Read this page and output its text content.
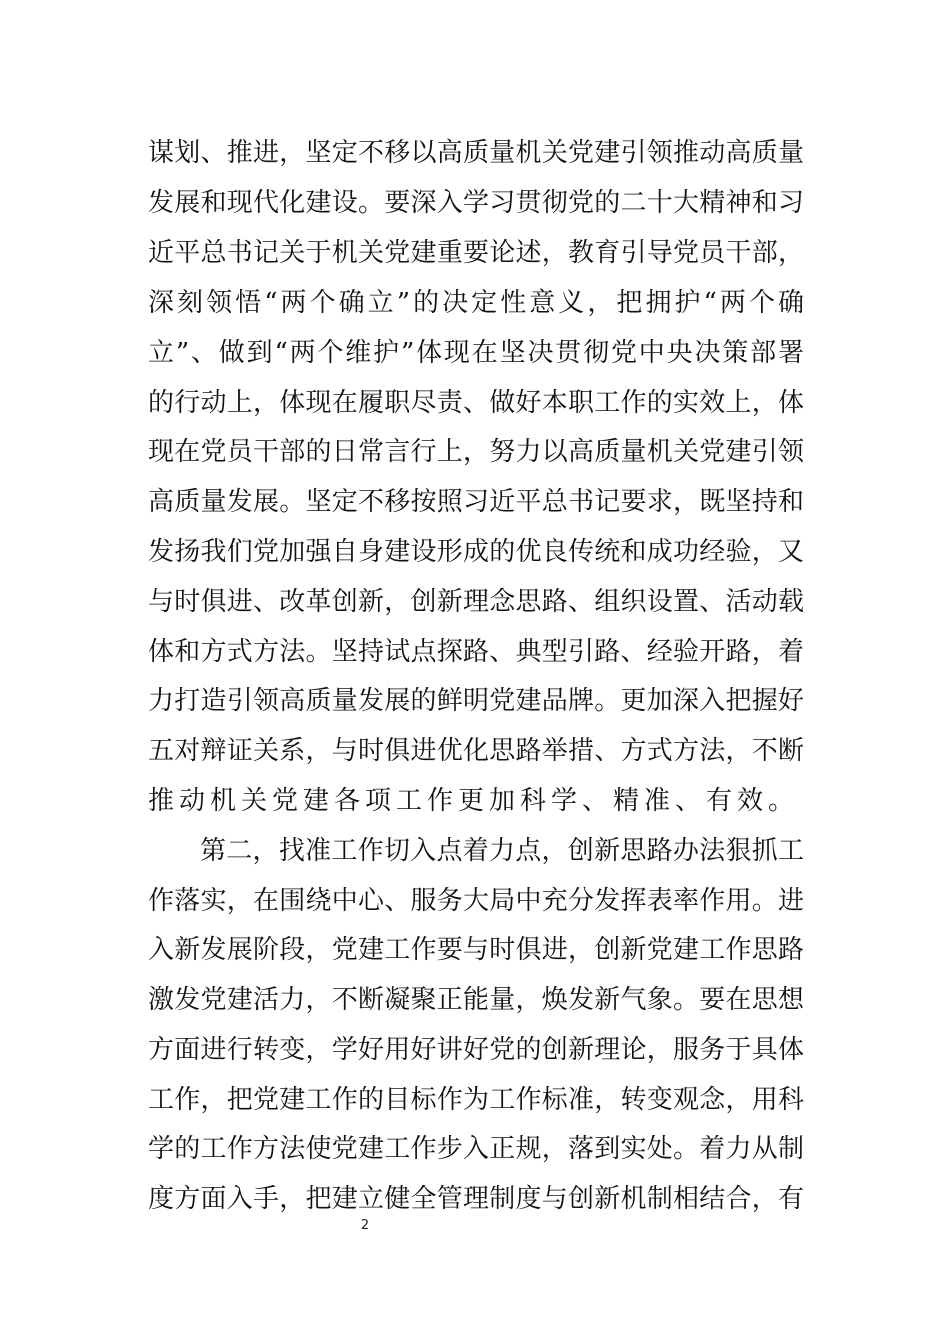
谋划、推进，坚定不移以高质量机关党建引领推动高质量
发展和现代化建设。要深入学习贯彻党的二十大精神和习
近平总书记关于机关党建重要论述，教育引导党员干部，
深刻领悟“两个确立”的决定性意义，把拥护“两个确
立”、做到“两个维护”体现在坚决贯彻党中央决策部署
的行动上，体现在履职尽责、做好本职工作的实效上，体
现在党员干部的日常言行上，努力以高质量机关党建引领
高质量发展。坚定不移按照习近平总书记要求，既坚持和
发扬我们党加强自身建设形成的优良传统和成功经验，又
与时俱进、改革创新，创新理念思路、组织设置、活动载
体和方式方法。坚持试点探路、典型引路、经验开路，着
力打造引领高质量发展的鲜明党建品牌。更加深入把握好
五对辩证关系，与时俱进优化思路举措、方式方法，不断
推动机关党建各项工作更加科学、精准、有效。
第二，找准工作切入点着力点，创新思路办法狠抓工
作落实，在围绕中心、服务大局中充分发挥表率作用。进
入新发展阶段，党建工作要与时俱进，创新党建工作思路
激发党建活力，不断凝聚正能量，焕发新气象。要在思想
方面进行转变，学好用好讲好党的创新理论，服务于具体
工作，把党建工作的目标作为工作标准，转变观念，用科
学的工作方法使党建工作步入正规，落到实处。着力从制
度方面入手，把建立健全管理制度与创新机制相结合，有
2
